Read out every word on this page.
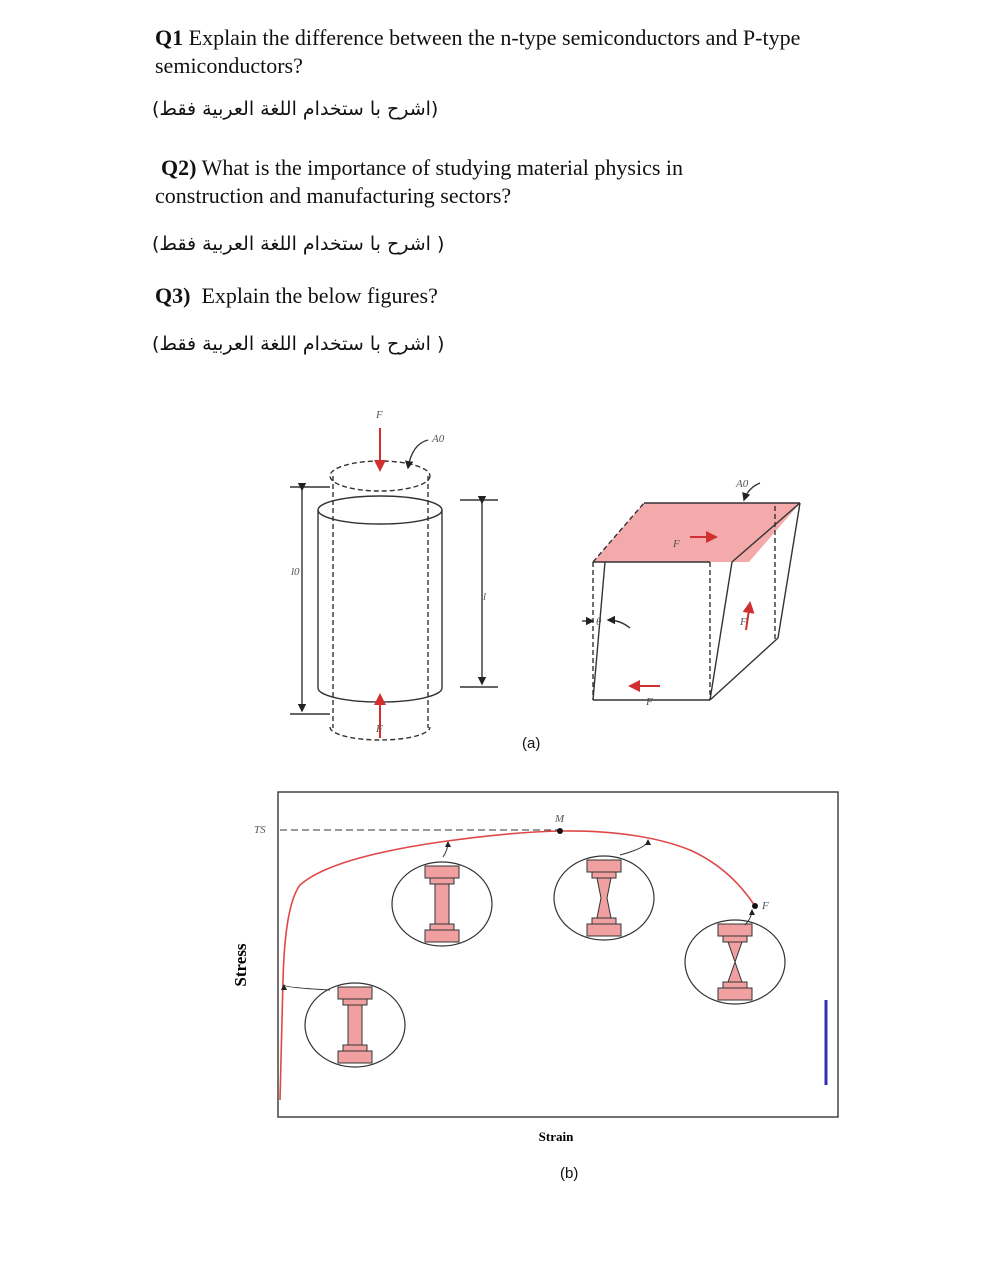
Q1 Explain the difference between the n-type semiconductors and P-type
semiconductors?
(اشرح با ستخدام اللغة العربية فقط)
Q2) What is the importance of studying material physics in
construction and manufacturing sectors?
( اشرح با ستخدام اللغة العربية فقط)
Q3) Explain the below figures?
( اشرح با ستخدام اللغة العربية فقط)
F
F
A0
l0
l
F
F
F
A0
θ
(a)
TS
M
F
Stress
Strain
(b)
